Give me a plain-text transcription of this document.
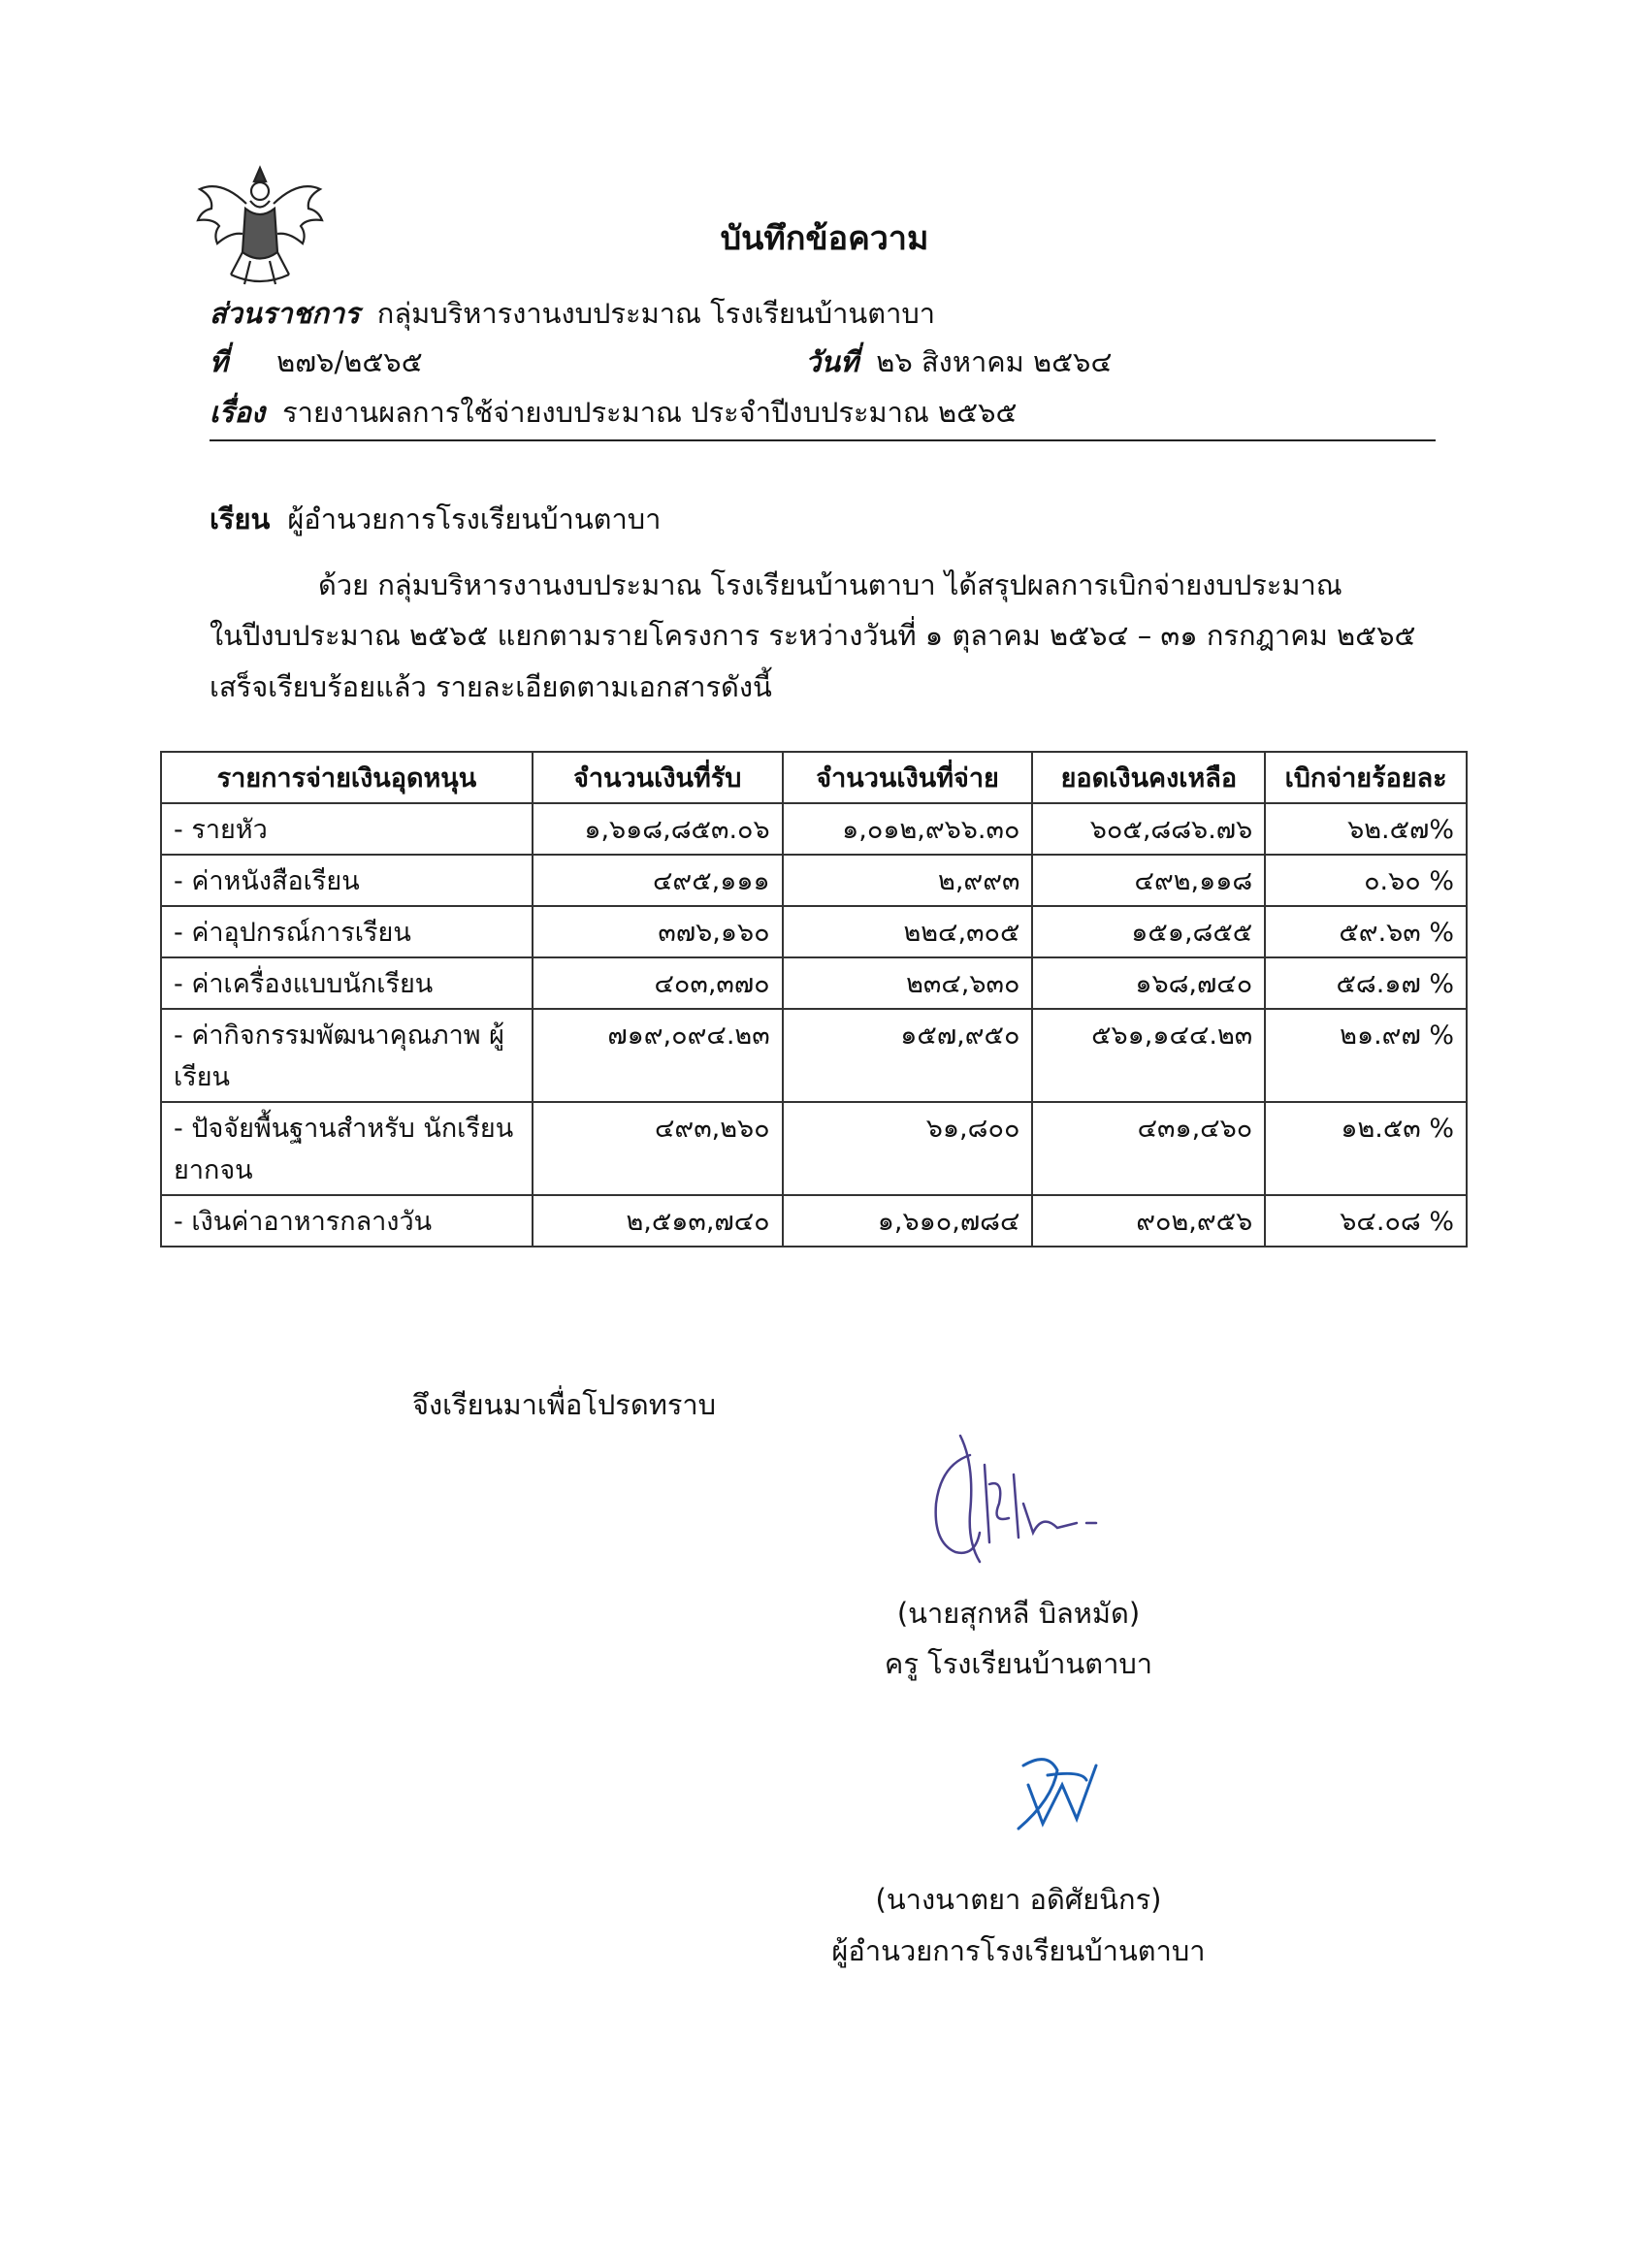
บันทึกข้อความ
ส่วนราชการ กลุ่มบริหารงานงบประมาณ โรงเรียนบ้านตาบา
ที่ ๒๗๖/๒๕๖๕	วันที่ ๒๖ สิงหาคม ๒๕๖๔
เรื่อง รายงานผลการใช้จ่ายงบประมาณ ประจำปีงบประมาณ ๒๕๖๕
เรียน ผู้อำนวยการโรงเรียนบ้านตาบา
ด้วย กลุ่มบริหารงานงบประมาณ โรงเรียนบ้านตาบา ได้สรุปผลการเบิกจ่ายงบประมาณ
ในปีงบประมาณ ๒๕๖๕ แยกตามรายโครงการ ระหว่างวันที่ ๑ ตุลาคม ๒๕๖๔ – ๓๑ กรกฎาคม ๒๕๖๕
เสร็จเรียบร้อยแล้ว รายละเอียดตามเอกสารดังนี้
รายการจ่ายเงินอุดหนุน	จำนวนเงินที่รับ	จำนวนเงินที่จ่าย	ยอดเงินคงเหลือ	เบิกจ่ายร้อยละ
- รายหัว	๑,๖๑๘,๘๕๓.๐๖	๑,๐๑๒,๙๖๖.๓๐	๖๐๕,๘๘๖.๗๖	๖๒.๕๗%
- ค่าหนังสือเรียน	๔๙๕,๑๑๑	๒,๙๙๓	๔๙๒,๑๑๘	๐.๖๐ %
- ค่าอุปกรณ์การเรียน	๓๗๖,๑๖๐	๒๒๔,๓๐๕	๑๕๑,๘๕๕	๕๙.๖๓ %
- ค่าเครื่องแบบนักเรียน	๔๐๓,๓๗๐	๒๓๔,๖๓๐	๑๖๘,๗๔๐	๕๘.๑๗ %
- ค่ากิจกรรมพัฒนาคุณภาพ ผู้เรียน	๗๑๙,๐๙๔.๒๓	๑๕๗,๙๕๐	๕๖๑,๑๔๔.๒๓	๒๑.๙๗ %
- ปัจจัยพื้นฐานสำหรับ นักเรียนยากจน	๔๙๓,๒๖๐	๖๑,๘๐๐	๔๓๑,๔๖๐	๑๒.๕๓ %
- เงินค่าอาหารกลางวัน	๒,๕๑๓,๗๔๐	๑,๖๑๐,๗๘๔	๙๐๒,๙๕๖	๖๔.๐๘ %
จึงเรียนมาเพื่อโปรดทราบ
(นายสุกหลี บิลหมัด)
ครู โรงเรียนบ้านตาบา
(นางนาตยา อดิศัยนิกร)
ผู้อำนวยการโรงเรียนบ้านตาบา
